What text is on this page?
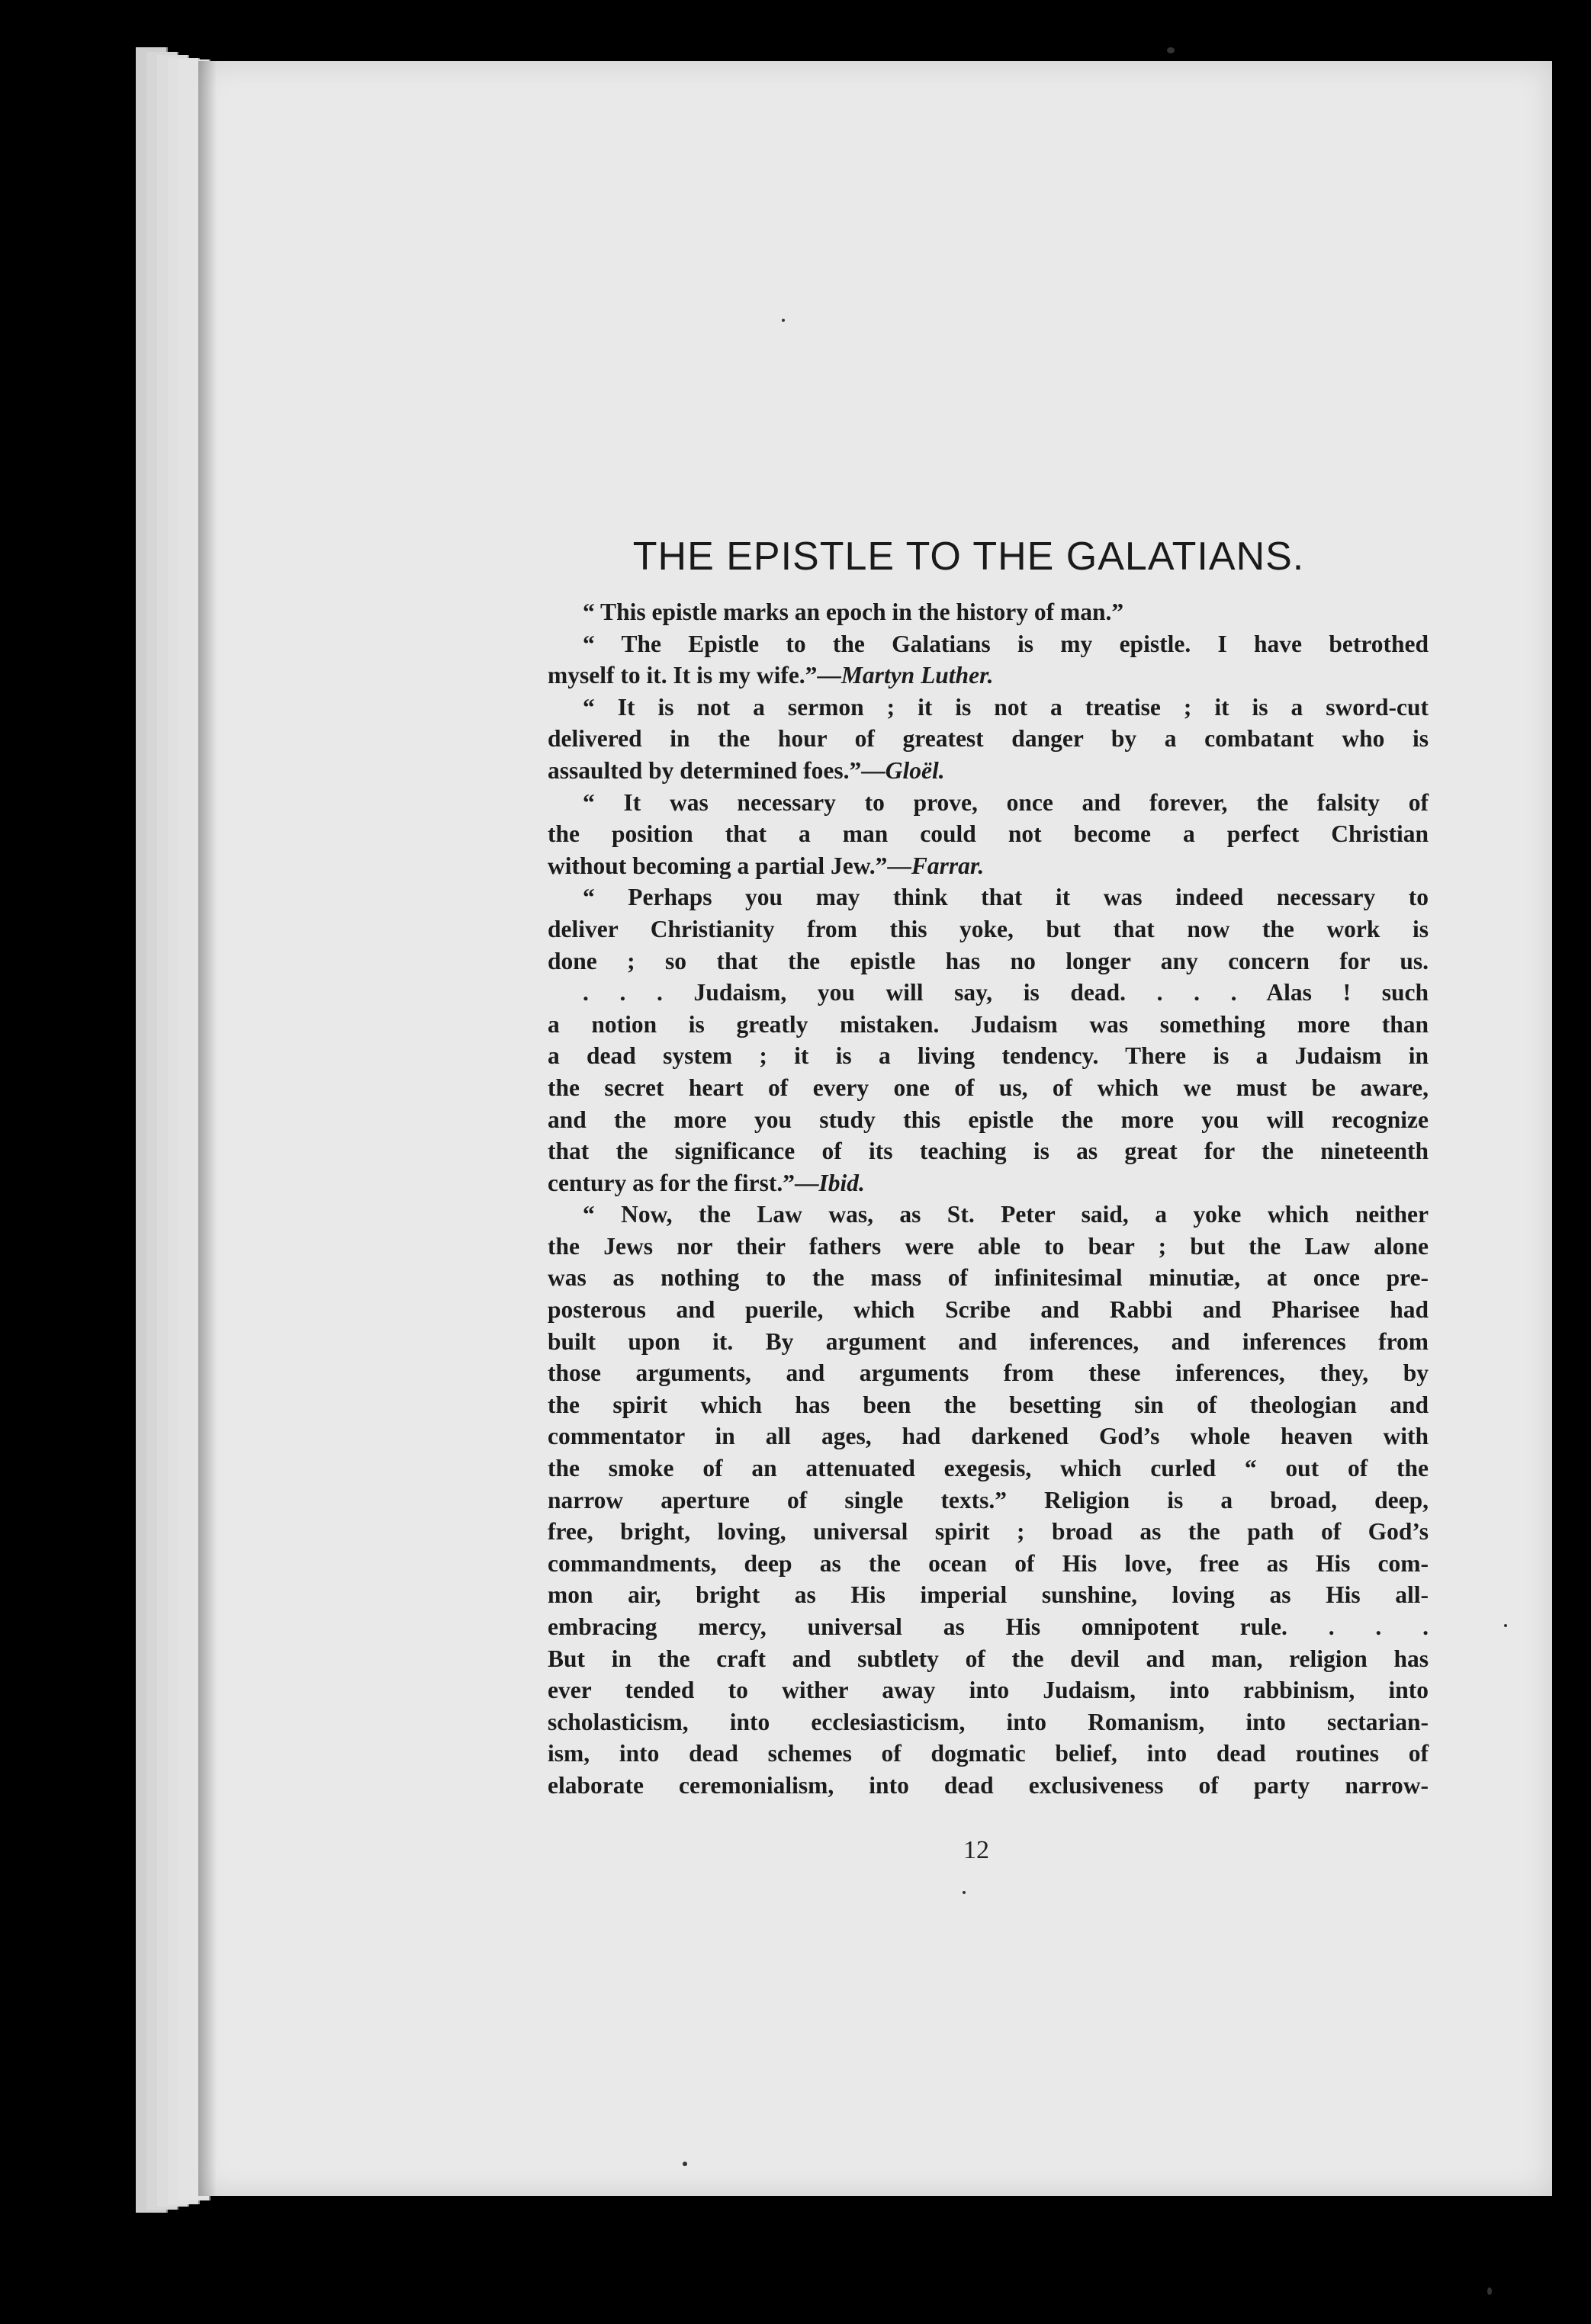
THE EPISTLE TO THE GALATIANS.
“ This epistle marks an epoch in the history of man.”
“ The Epistle to the Galatians is my epistle. I have betrothed
myself to it. It is my wife.”—Martyn Luther.
“ It is not a sermon ; it is not a treatise ; it is a sword-cut
delivered in the hour of greatest danger by a combatant who is
assaulted by determined foes.”—Gloël.
“ It was necessary to prove, once and forever, the falsity of
the position that a man could not become a perfect Christian
without becoming a partial Jew.”—Farrar.
“ Perhaps you may think that it was indeed necessary to
deliver Christianity from this yoke, but that now the work is
done ; so that the epistle has no longer any concern for us.
. . . Judaism, you will say, is dead. . . . Alas ! such
a notion is greatly mistaken. Judaism was something more than
a dead system ; it is a living tendency. There is a Judaism in
the secret heart of every one of us, of which we must be aware,
and the more you study this epistle the more you will recognize
that the significance of its teaching is as great for the nineteenth
century as for the first.”—Ibid.
“ Now, the Law was, as St. Peter said, a yoke which neither
the Jews nor their fathers were able to bear ; but the Law alone
was as nothing to the mass of infinitesimal minutiæ, at once pre-
posterous and puerile, which Scribe and Rabbi and Pharisee had
built upon it. By argument and inferences, and inferences from
those arguments, and arguments from these inferences, they, by
the spirit which has been the besetting sin of theologian and
commentator in all ages, had darkened God’s whole heaven with
the smoke of an attenuated exegesis, which curled “ out of the
narrow aperture of single texts.” Religion is a broad, deep,
free, bright, loving, universal spirit ; broad as the path of God’s
commandments, deep as the ocean of His love, free as His com-
mon air, bright as His imperial sunshine, loving as His all-
embracing mercy, universal as His omnipotent rule. . . .
But in the craft and subtlety of the devil and man, religion has
ever tended to wither away into Judaism, into rabbinism, into
scholasticism, into ecclesiasticism, into Romanism, into sectarian-
ism, into dead schemes of dogmatic belief, into dead routines of
elaborate ceremonialism, into dead exclusiveness of party narrow-
12
